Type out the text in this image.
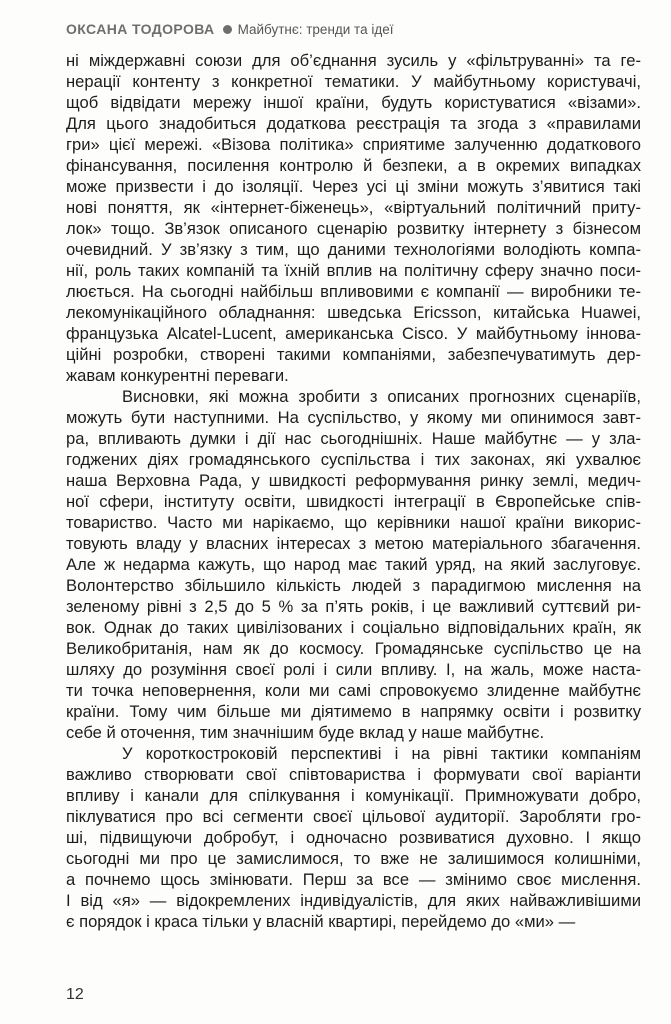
ОКСАНА ТОДОРОВА Майбутнє: тренди та ідеї
ні міждержавні союзи для об’єднання зусиль у «фільтруванні» та ге-
нерації контенту з конкретної тематики. У майбутньому користувачі,
щоб відвідати мережу іншої країни, будуть користуватися «візами».
Для цього знадобиться додаткова реєстрація та згода з «правилами
гри» цієї мережі. «Візова політика» сприятиме залученню додаткового
фінансування, посилення контролю й безпеки, а в окремих випадках
може призвести і до ізоляції. Через усі ці зміни можуть з’явитися такі
нові поняття, як «інтернет-біженець», «віртуальний політичний приту-
лок» тощо. Зв’язок описаного сценарію розвитку інтернету з бізнесом
очевидний. У зв’язку з тим, що даними технологіями володіють компа-
нії, роль таких компаній та їхній вплив на політичну сферу значно поси-
люється. На сьогодні найбільш впливовими є компанії — виробники те-
лекомунікаційного обладнання: шведська Ericsson, китайська Huawei,
французька Alcatel-Lucent, американська Cisco. У майбутньому іннова-
ційні розробки, створені такими компаніями, забезпечуватимуть дер-
жавам конкурентні переваги.
Висновки, які можна зробити з описаних прогнозних сценаріїв,
можуть бути наступними. На суспільство, у якому ми опинимося завт-
ра, впливають думки і дії нас сьогоднішніх. Наше майбутнє — у зла-
годжених діях громадянського суспільства і тих законах, які ухвалює
наша Верховна Рада, у швидкості реформування ринку землі, медич-
ної сфери, інституту освіти, швидкості інтеграції в Європейське спів-
товариство. Часто ми нарікаємо, що керівники нашої країни викорис-
товують владу у власних інтересах з метою матеріального збагачення.
Але ж недарма кажуть, що народ має такий уряд, на який заслуговує.
Волонтерство збільшило кількість людей з парадигмою мислення на
зеленому рівні з 2,5 до 5 % за п’ять років, і це важливий суттєвий ри-
вок. Однак до таких цивілізованих і соціально відповідальних країн, як
Великобританія, нам як до космосу. Громадянське суспільство це на
шляху до розуміння своєї ролі і сили впливу. І, на жаль, може наста-
ти точка неповернення, коли ми самі спровокуємо злиденне майбутнє
країни. Тому чим більше ми діятимемо в напрямку освіти і розвитку
себе й оточення, тим значнішим буде вклад у наше майбутнє.
У короткостроковій перспективі і на рівні тактики компаніям
важливо створювати свої співтовариства і формувати свої варіанти
впливу і канали для спілкування і комунікації. Примножувати добро,
піклуватися про всі сегменти своєї цільової аудиторії. Заробляти гро-
ші, підвищуючи добробут, і одночасно розвиватися духовно. І якщо
сьогодні ми про це замислимося, то вже не залишимося колишніми,
а почнемо щось змінювати. Перш за все — змінимо своє мислення.
І від «я» — відокремлених індивідуалістів, для яких найважливішими
є порядок і краса тільки у власній квартирі, перейдемо до «ми» —
12
